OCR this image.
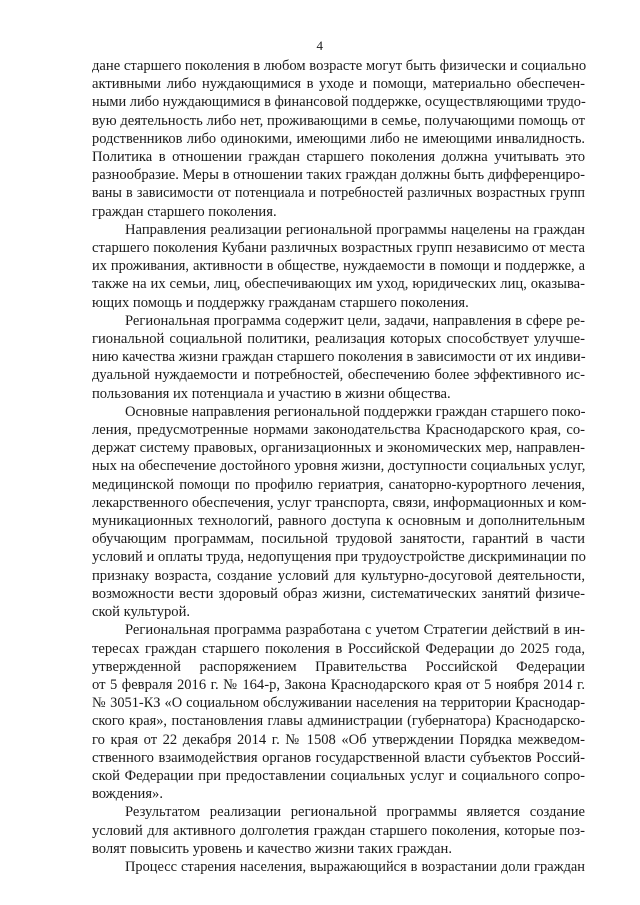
4

дане старшего поколения в любом возрасте могут быть физически и социально

активными либо нуждающимися в уходе и помощи, материально обеспечен-

ными либо нуждающимися в финансовой поддержке, осуществляющими трудо-

вую деятельность либо нет, проживающими в семье, получающими помощь от

родственников либо одинокими, имеющими либо не имеющими инвалидность.

Политика в отношении граждан старшего поколения должна учитывать это

разнообразие. Меры в отношении таких граждан должны быть дифференциро-

ваны в зависимости от потенциала и потребностей различных возрастных групп

граждан старшего поколения.

Направления реализации региональной программы нацелены на граждан

старшего поколения Кубани различных возрастных групп независимо от места

их проживания, активности в обществе, нуждаемости в помощи и поддержке, а

также на их семьи, лиц, обеспечивающих им уход, юридических лиц, оказыва-

ющих помощь и поддержку гражданам старшего поколения.

Региональная программа содержит цели, задачи, направления в сфере ре-

гиональной социальной политики, реализация которых способствует улучше-

нию качества жизни граждан старшего поколения в зависимости от их индиви-

дуальной нуждаемости и потребностей, обеспечению более эффективного ис-

пользования их потенциала и участию в жизни общества.

Основные направления региональной поддержки граждан старшего поко-

ления, предусмотренные нормами законодательства Краснодарского края, со-

держат систему правовых, организационных и экономических мер, направлен-

ных на обеспечение достойного уровня жизни, доступности социальных услуг,

медицинской помощи по профилю гериатрия, санаторно-курортного лечения,

лекарственного обеспечения, услуг транспорта, связи, информационных и ком-

муникационных технологий, равного доступа к основным и дополнительным

обучающим программам, посильной трудовой занятости, гарантий в части

условий и оплаты труда, недопущения при трудоустройстве дискриминации по

признаку возраста, создание условий для культурно-досуговой деятельности,

возможности вести здоровый образ жизни, систематических занятий физиче-

ской культурой.

Региональная программа разработана с учетом Стратегии действий в ин-

тересах граждан старшего поколения в Российской Федерации до 2025 года,

утвержденной распоряжением Правительства Российской Федерации

от 5 февраля 2016 г. № 164-р, Закона Краснодарского края от 5 ноября 2014 г.

№ 3051-КЗ «О социальном обслуживании населения на территории Краснодар-

ского края», постановления главы администрации (губернатора) Краснодарско-

го края от 22 декабря 2014 г. № 1508 «Об утверждении Порядка межведом-

ственного взаимодействия органов государственной власти субъектов Россий-

ской Федерации при предоставлении социальных услуг и социального сопро-

вождения».

Результатом реализации региональной программы является создание

условий для активного долголетия граждан старшего поколения, которые поз-

волят повысить уровень и качество жизни таких граждан.

Процесс старения населения, выражающийся в возрастании доли граждан
